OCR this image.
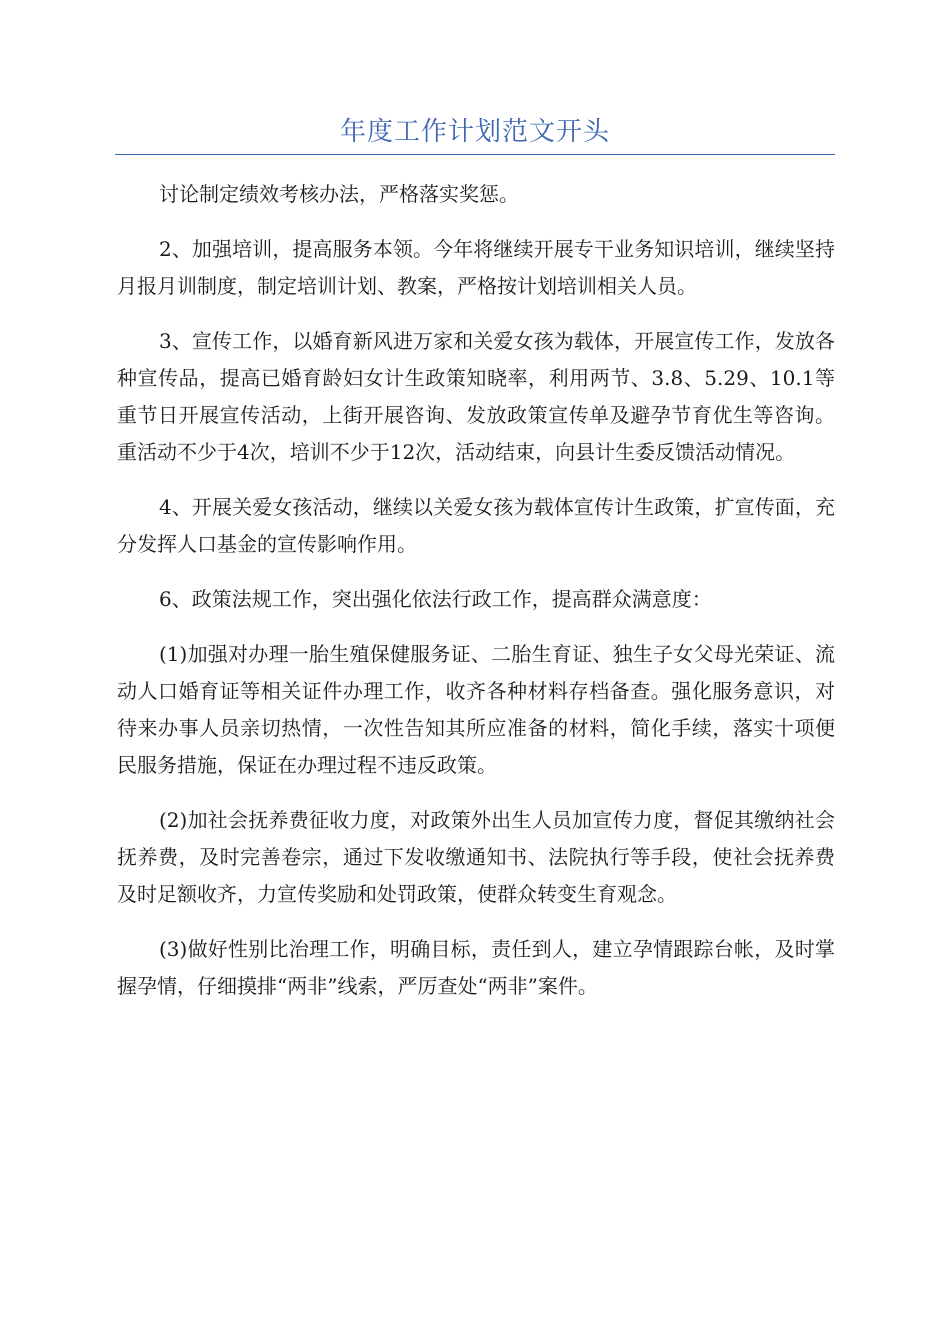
年度工作计划范文开头

讨论制定绩效考核办法，严格落实奖惩。

2、加强培训，提高服务本领。今年将继续开展专干业务知识培训，继续坚持月报月训制度，制定培训计划、教案，严格按计划培训相关人员。

3、宣传工作，以婚育新风进万家和关爱女孩为载体，开展宣传工作，发放各种宣传品，提高已婚育龄妇女计生政策知晓率，利用两节、3.8、5.29、10.1等重节日开展宣传活动，上街开展咨询、发放政策宣传单及避孕节育优生等咨询。重活动不少于4次，培训不少于12次，活动结束，向县计生委反馈活动情况。

4、开展关爱女孩活动，继续以关爱女孩为载体宣传计生政策，扩宣传面，充分发挥人口基金的宣传影响作用。

6、政策法规工作，突出强化依法行政工作，提高群众满意度：

(1)加强对办理一胎生殖保健服务证、二胎生育证、独生子女父母光荣证、流动人口婚育证等相关证件办理工作，收齐各种材料存档备查。强化服务意识，对待来办事人员亲切热情，一次性告知其所应准备的材料，简化手续，落实十项便民服务措施，保证在办理过程不违反政策。

(2)加社会抚养费征收力度，对政策外出生人员加宣传力度，督促其缴纳社会抚养费，及时完善卷宗，通过下发收缴通知书、法院执行等手段，使社会抚养费及时足额收齐，力宣传奖励和处罚政策，使群众转变生育观念。

(3)做好性别比治理工作，明确目标，责任到人，建立孕情跟踪台帐，及时掌握孕情，仔细摸排“两非”线索，严厉查处“两非”案件。
